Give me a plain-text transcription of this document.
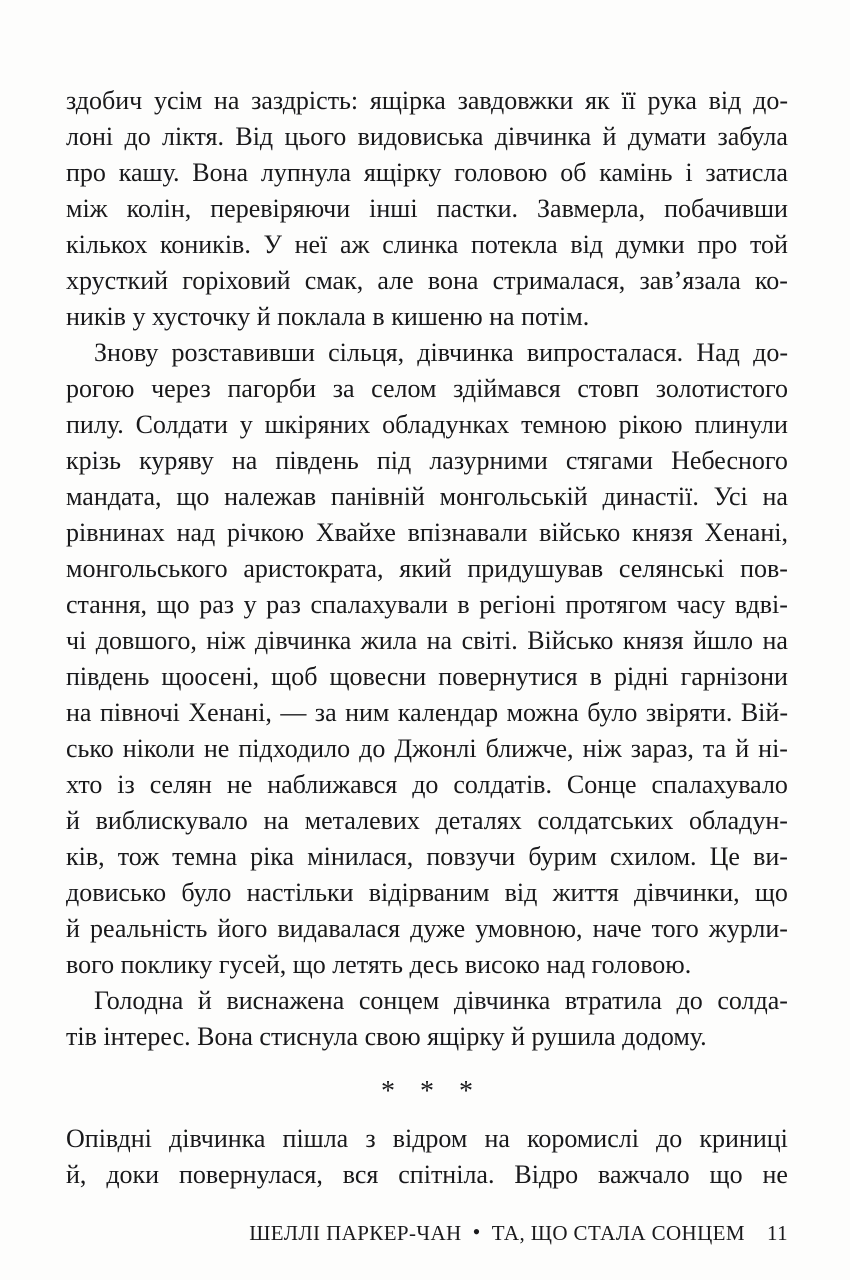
здобич усім на заздрість: ящірка завдовжки як її рука від до-
лоні до ліктя. Від цього видовиська дівчинка й думати забула
про кашу. Вона лупнула ящірку головою об камінь і затисла
між колін, перевіряючи інші пастки. Завмерла, побачивши
кількох коників. У неї аж слинка потекла від думки про той
хрусткий горіховий смак, але вона стрималася, зав’язала ко-
ників у хусточку й поклала в кишеню на потім.
Знову розставивши сільця, дівчинка випросталася. Над до-
рогою через пагорби за селом здіймався стовп золотистого
пилу. Солдати у шкіряних обладунках темною рікою плинули
крізь куряву на південь під лазурними стягами Небесного
мандата, що належав панівній монгольській династії. Усі на
рівнинах над річкою Хвайхе впізнавали військо князя Хенані,
монгольського аристократа, який придушував селянські пов-
стання, що раз у раз спалахували в регіоні протягом часу вдві-
чі довшого, ніж дівчинка жила на світі. Військо князя йшло на
південь щоосені, щоб щовесни повернутися в рідні гарнізони
на півночі Хенані, — за ним календар можна було звіряти. Вій-
сько ніколи не підходило до Джонлі ближче, ніж зараз, та й ні-
хто із селян не наближався до солдатів. Сонце спалахувало
й виблискувало на металевих деталях солдатських обладун-
ків, тож темна ріка мінилася, повзучи бурим схилом. Це ви-
довисько було настільки відірваним від життя дівчинки, що
й реальність його видавалася дуже умовною, наче того журли-
вого поклику гусей, що летять десь високо над головою.
Голодна й виснажена сонцем дівчинка втратила до солда-
тів інтерес. Вона стиснула свою ящірку й рушила додому.
* * *
Опівдні дівчинка пішла з відром на коромислі до криниці
й, доки повернулася, вся спітніла. Відро важчало що не
ШЕЛЛІ ПАРКЕР-ЧАН • ТА, ЩО СТАЛА СОНЦЕМ 11
